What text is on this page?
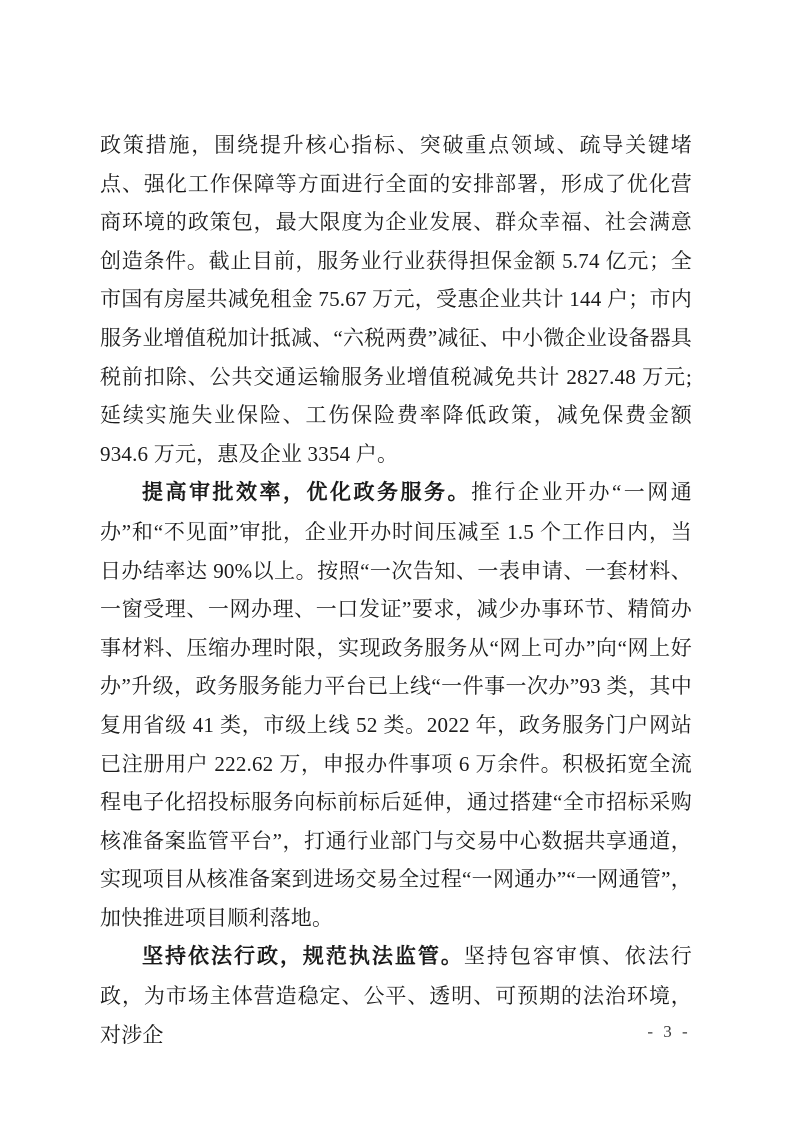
政策措施，围绕提升核心指标、突破重点领域、疏导关键堵点、强化工作保障等方面进行全面的安排部署，形成了优化营商环境的政策包，最大限度为企业发展、群众幸福、社会满意创造条件。截止目前，服务业行业获得担保金额 5.74 亿元；全市国有房屋共减免租金 75.67 万元，受惠企业共计 144 户；市内服务业增值税加计抵减、“六税两费”减征、中小微企业设备器具税前扣除、公共交通运输服务业增值税减免共计 2827.48 万元; 延续实施失业保险、工伤保险费率降低政策，减免保费金额 934.6 万元，惠及企业 3354 户。

提高审批效率，优化政务服务。推行企业开办“一网通办”和“不见面”审批，企业开办时间压减至 1.5 个工作日内，当日办结率达 90%以上。按照“一次告知、一表申请、一套材料、一窗受理、一网办理、一口发证”要求，减少办事环节、精简办事材料、压缩办理时限，实现政务服务从“网上可办”向“网上好办”升级，政务服务能力平台已上线“一件事一次办”93 类，其中复用省级 41 类，市级上线 52 类。2022 年，政务服务门户网站已注册用户 222.62 万，申报办件事项 6 万余件。积极拓宽全流程电子化招投标服务向标前标后延伸，通过搭建“全市招标采购核准备案监管平台”，打通行业部门与交易中心数据共享通道，实现项目从核准备案到进场交易全过程“一网通办”“一网通管”，加快推进项目顺利落地。

坚持依法行政，规范执法监管。坚持包容审慎、依法行政，为市场主体营造稳定、公平、透明、可预期的法治环境，对涉企	- 3 -
